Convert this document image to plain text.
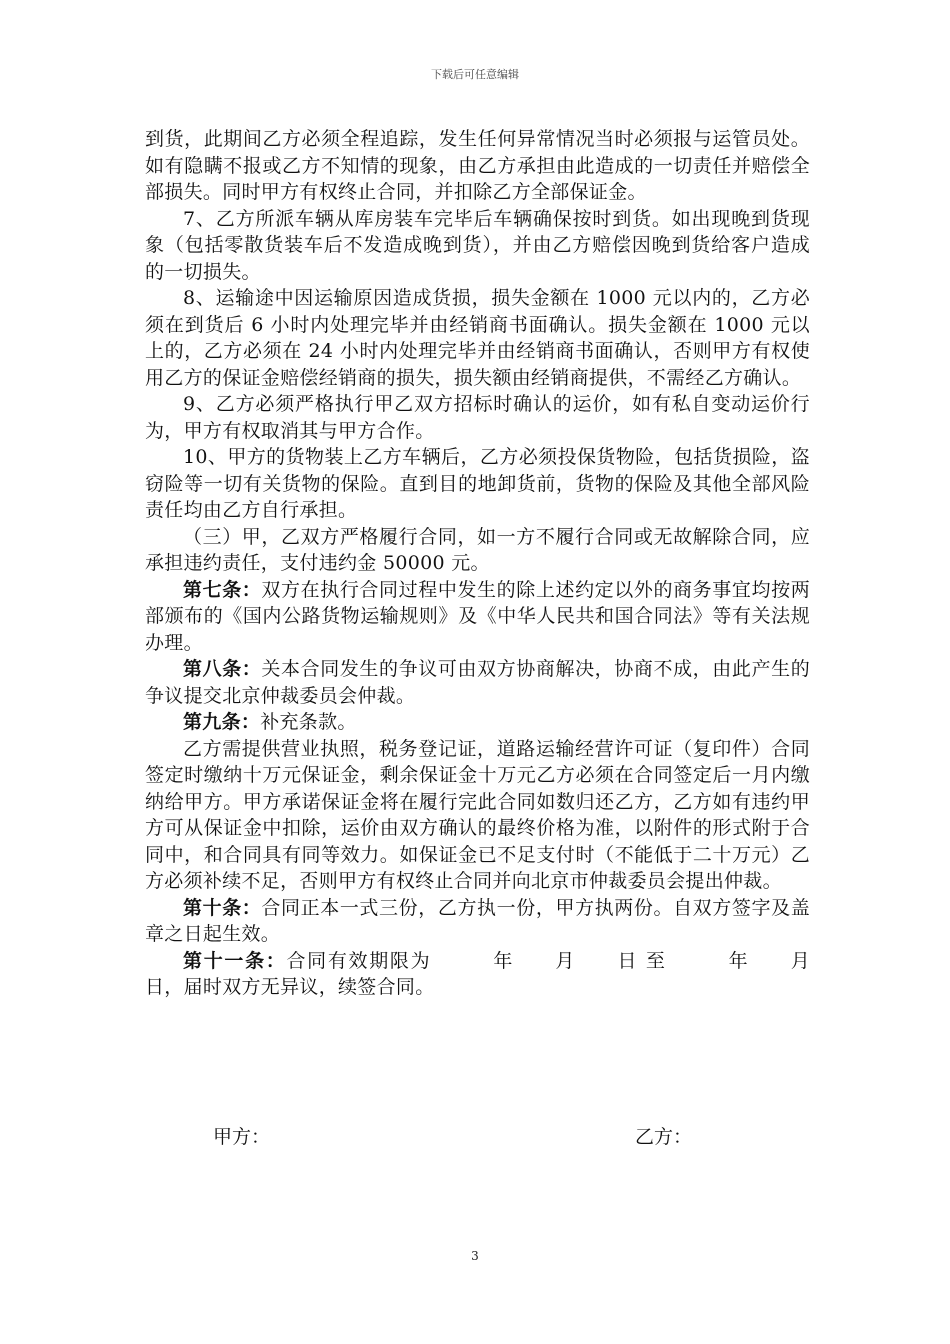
下载后可任意编辑

到货，此期间乙方必须全程追踪，发生任何异常情况当时必须报与运管员处。如有隐瞒不报或乙方不知情的现象，由乙方承担由此造成的一切责任并赔偿全部损失。同时甲方有权终止合同，并扣除乙方全部保证金。

7、乙方所派车辆从库房装车完毕后车辆确保按时到货。如出现晚到货现象（包括零散货装车后不发造成晚到货），并由乙方赔偿因晚到货给客户造成的一切损失。

8、运输途中因运输原因造成货损，损失金额在 1000 元以内的，乙方必须在到货后 6 小时内处理完毕并由经销商书面确认。损失金额在 1000 元以上的，乙方必须在 24 小时内处理完毕并由经销商书面确认，否则甲方有权使用乙方的保证金赔偿经销商的损失，损失额由经销商提供，不需经乙方确认。

9、乙方必须严格执行甲乙双方招标时确认的运价，如有私自变动运价行为，甲方有权取消其与甲方合作。

10、甲方的货物装上乙方车辆后，乙方必须投保货物险，包括货损险，盗窃险等一切有关货物的保险。直到目的地卸货前，货物的保险及其他全部风险责任均由乙方自行承担。

（三）甲，乙双方严格履行合同，如一方不履行合同或无故解除合同，应承担违约责任，支付违约金 50000 元。

第七条：双方在执行合同过程中发生的除上述约定以外的商务事宜均按两部颁布的《国内公路货物运输规则》及《中华人民共和国合同法》等有关法规办理。

第八条：关本合同发生的争议可由双方协商解决，协商不成，由此产生的争议提交北京仲裁委员会仲裁。

第九条：补充条款。

乙方需提供营业执照，税务登记证，道路运输经营许可证（复印件）合同签定时缴纳十万元保证金，剩余保证金十万元乙方必须在合同签定后一月内缴纳给甲方。甲方承诺保证金将在履行完此合同如数归还乙方，乙方如有违约甲方可从保证金中扣除，运价由双方确认的最终价格为准，以附件的形式附于合同中，和合同具有同等效力。如保证金已不足支付时（不能低于二十万元）乙方必须补续不足，否则甲方有权终止合同并向北京市仲裁委员会提出仲裁。

第十条：合同正本一式三份，乙方执一份，甲方执两份。自双方签字及盖章之日起生效。

第十一条：合同有效期限为　　　年　　月　　日 至　　　年　　月　　日，届时双方无异议，续签合同。

甲方：	乙方：
3
